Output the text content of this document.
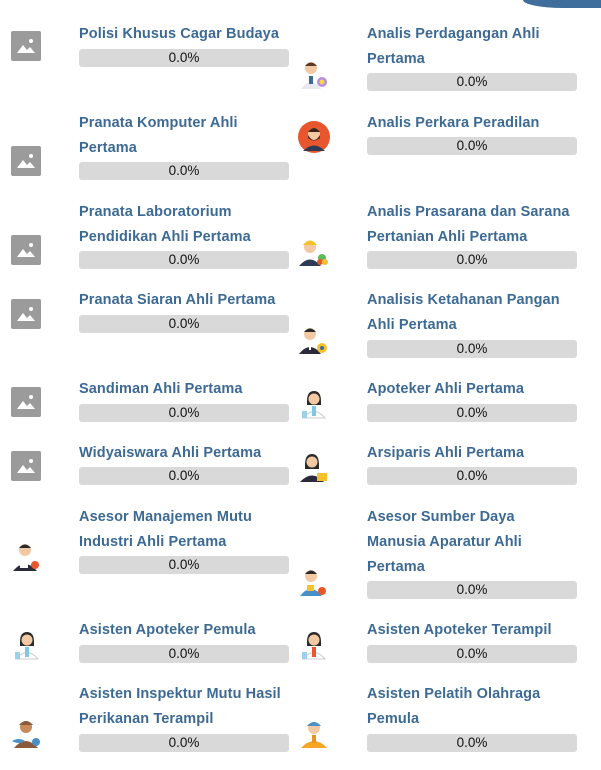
Polisi Khusus Cagar Budaya
0.0%
Analis Perdagangan Ahli Pertama
0.0%
Pranata Komputer Ahli Pertama
0.0%
Analis Perkara Peradilan
0.0%
Pranata Laboratorium Pendidikan Ahli Pertama
0.0%
Analis Prasarana dan Sarana Pertanian Ahli Pertama
0.0%
Pranata Siaran Ahli Pertama
0.0%
Analisis Ketahanan Pangan Ahli Pertama
0.0%
Sandiman Ahli Pertama
0.0%
Apoteker Ahli Pertama
0.0%
Widyaiswara Ahli Pertama
0.0%
Arsiparis Ahli Pertama
0.0%
Asesor Manajemen Mutu Industri Ahli Pertama
0.0%
Asesor Sumber Daya Manusia Aparatur Ahli Pertama
0.0%
Asisten Apoteker Pemula
0.0%
Asisten Apoteker Terampil
0.0%
Asisten Inspektur Mutu Hasil Perikanan Terampil
0.0%
Asisten Pelatih Olahraga Pemula
0.0%
